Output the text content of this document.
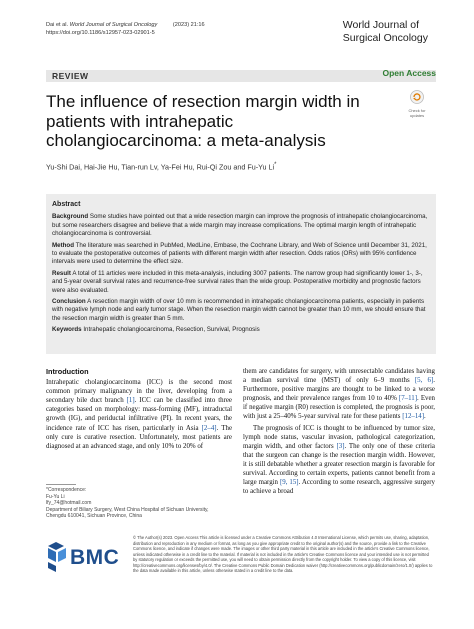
Dai et al. World Journal of Surgical Oncology	(2023) 21:16
https://doi.org/10.1186/s12957-023-02901-5
World Journal of
Surgical Oncology
REVIEW	Open Access
The influence of resection margin width in patients with intrahepatic cholangiocarcinoma: a meta-analysis
Check for
updates
Yu-Shi Dai, Hai-Jie Hu, Tian-run Lv, Ya-Fei Hu, Rui-Qi Zou and Fu-Yu Li*
Abstract

Background Some studies have pointed out that a wide resection margin can improve the prognosis of intrahepatic cholangiocarcinoma, but some researchers disagree and believe that a wide margin may increase complications. The optimal margin length of intrahepatic cholangiocarcinoma is controversial.

Method The literature was searched in PubMed, MedLine, Embase, the Cochrane Library, and Web of Science until December 31, 2021, to evaluate the postoperative outcomes of patients with different margin width after resection. Odds ratios (ORs) with 95% confidence intervals were used to determine the effect size.

Result A total of 11 articles were included in this meta-analysis, including 3007 patients. The narrow group had significantly lower 1-, 3-, and 5-year overall survival rates and recurrence-free survival rates than the wide group. Postoperative morbidity and prognostic factors were also evaluated.

Conclusion A resection margin width of over 10 mm is recommended in intrahepatic cholangiocarcinoma patients, especially in patients with negative lymph node and early tumor stage. When the resection margin width cannot be greater than 10 mm, we should ensure that the resection margin width is greater than 5 mm.

Keywords Intrahepatic cholangiocarcinoma, Resection, Survival, Prognosis

Introduction

Intrahepatic cholangiocarcinoma (ICC) is the second most common primary malignancy in the liver, developing from a secondary bile duct branch [1]. ICC can be classified into three categories based on morphology: mass-forming (MF), intraductal growth (IG), and periductal infiltrative (PI). In recent years, the incidence rate of ICC has risen, particularly in Asia [2–4]. The only cure is curative resection. Unfortunately, most patients are diagnosed at an advanced stage, and only 10% to 20% of

them are candidates for surgery, with unresectable candidates having a median survival time (MST) of only 6–9 months [5, 6]. Furthermore, positive margins are thought to be linked to a worse prognosis, and their prevalence ranges from 10 to 40% [7–11]. Even if negative margin (R0) resection is completed, the prognosis is poor, with just a 25–40% 5-year survival rate for these patients [12–14].

The prognosis of ICC is thought to be influenced by tumor size, lymph node status, vascular invasion, pathological categorization, margin width, and other factors [3]. The only one of these criteria that the surgeon can change is the resection margin width. However, it is still debatable whether a greater resection margin is favorable for survival. According to certain experts, patients cannot benefit from a large margin [9, 15]. According to some research, aggressive surgery to achieve a broad

*Correspondence:
Fu-Yu Li
lfy_74@hotmail.com
Department of Biliary Surgery, West China Hospital of Sichuan University,
Chengdu 610041, Sichuan Province, China
BMC
© The Author(s) 2023. Open Access This article is licensed under a Creative Commons Attribution 4.0 International License, which permits use, sharing, adaptation, distribution and reproduction in any medium or format, as long as you give appropriate credit to the original author(s) and the source, provide a link to the Creative Commons licence, and indicate if changes were made. The images or other third party material in this article are included in the article's Creative Commons licence, unless indicated otherwise in a credit line to the material. If material is not included in the article's Creative Commons licence and your intended use is not permitted by statutory regulation or exceeds the permitted use, you will need to obtain permission directly from the copyright holder. To view a copy of this licence, visit http://creativecommons.org/licenses/by/4.0/. The Creative Commons Public Domain Dedication waiver (http://creativecommons.org/publicdomain/zero/1.0/) applies to the data made available in this article, unless otherwise stated in a credit line to the data.
